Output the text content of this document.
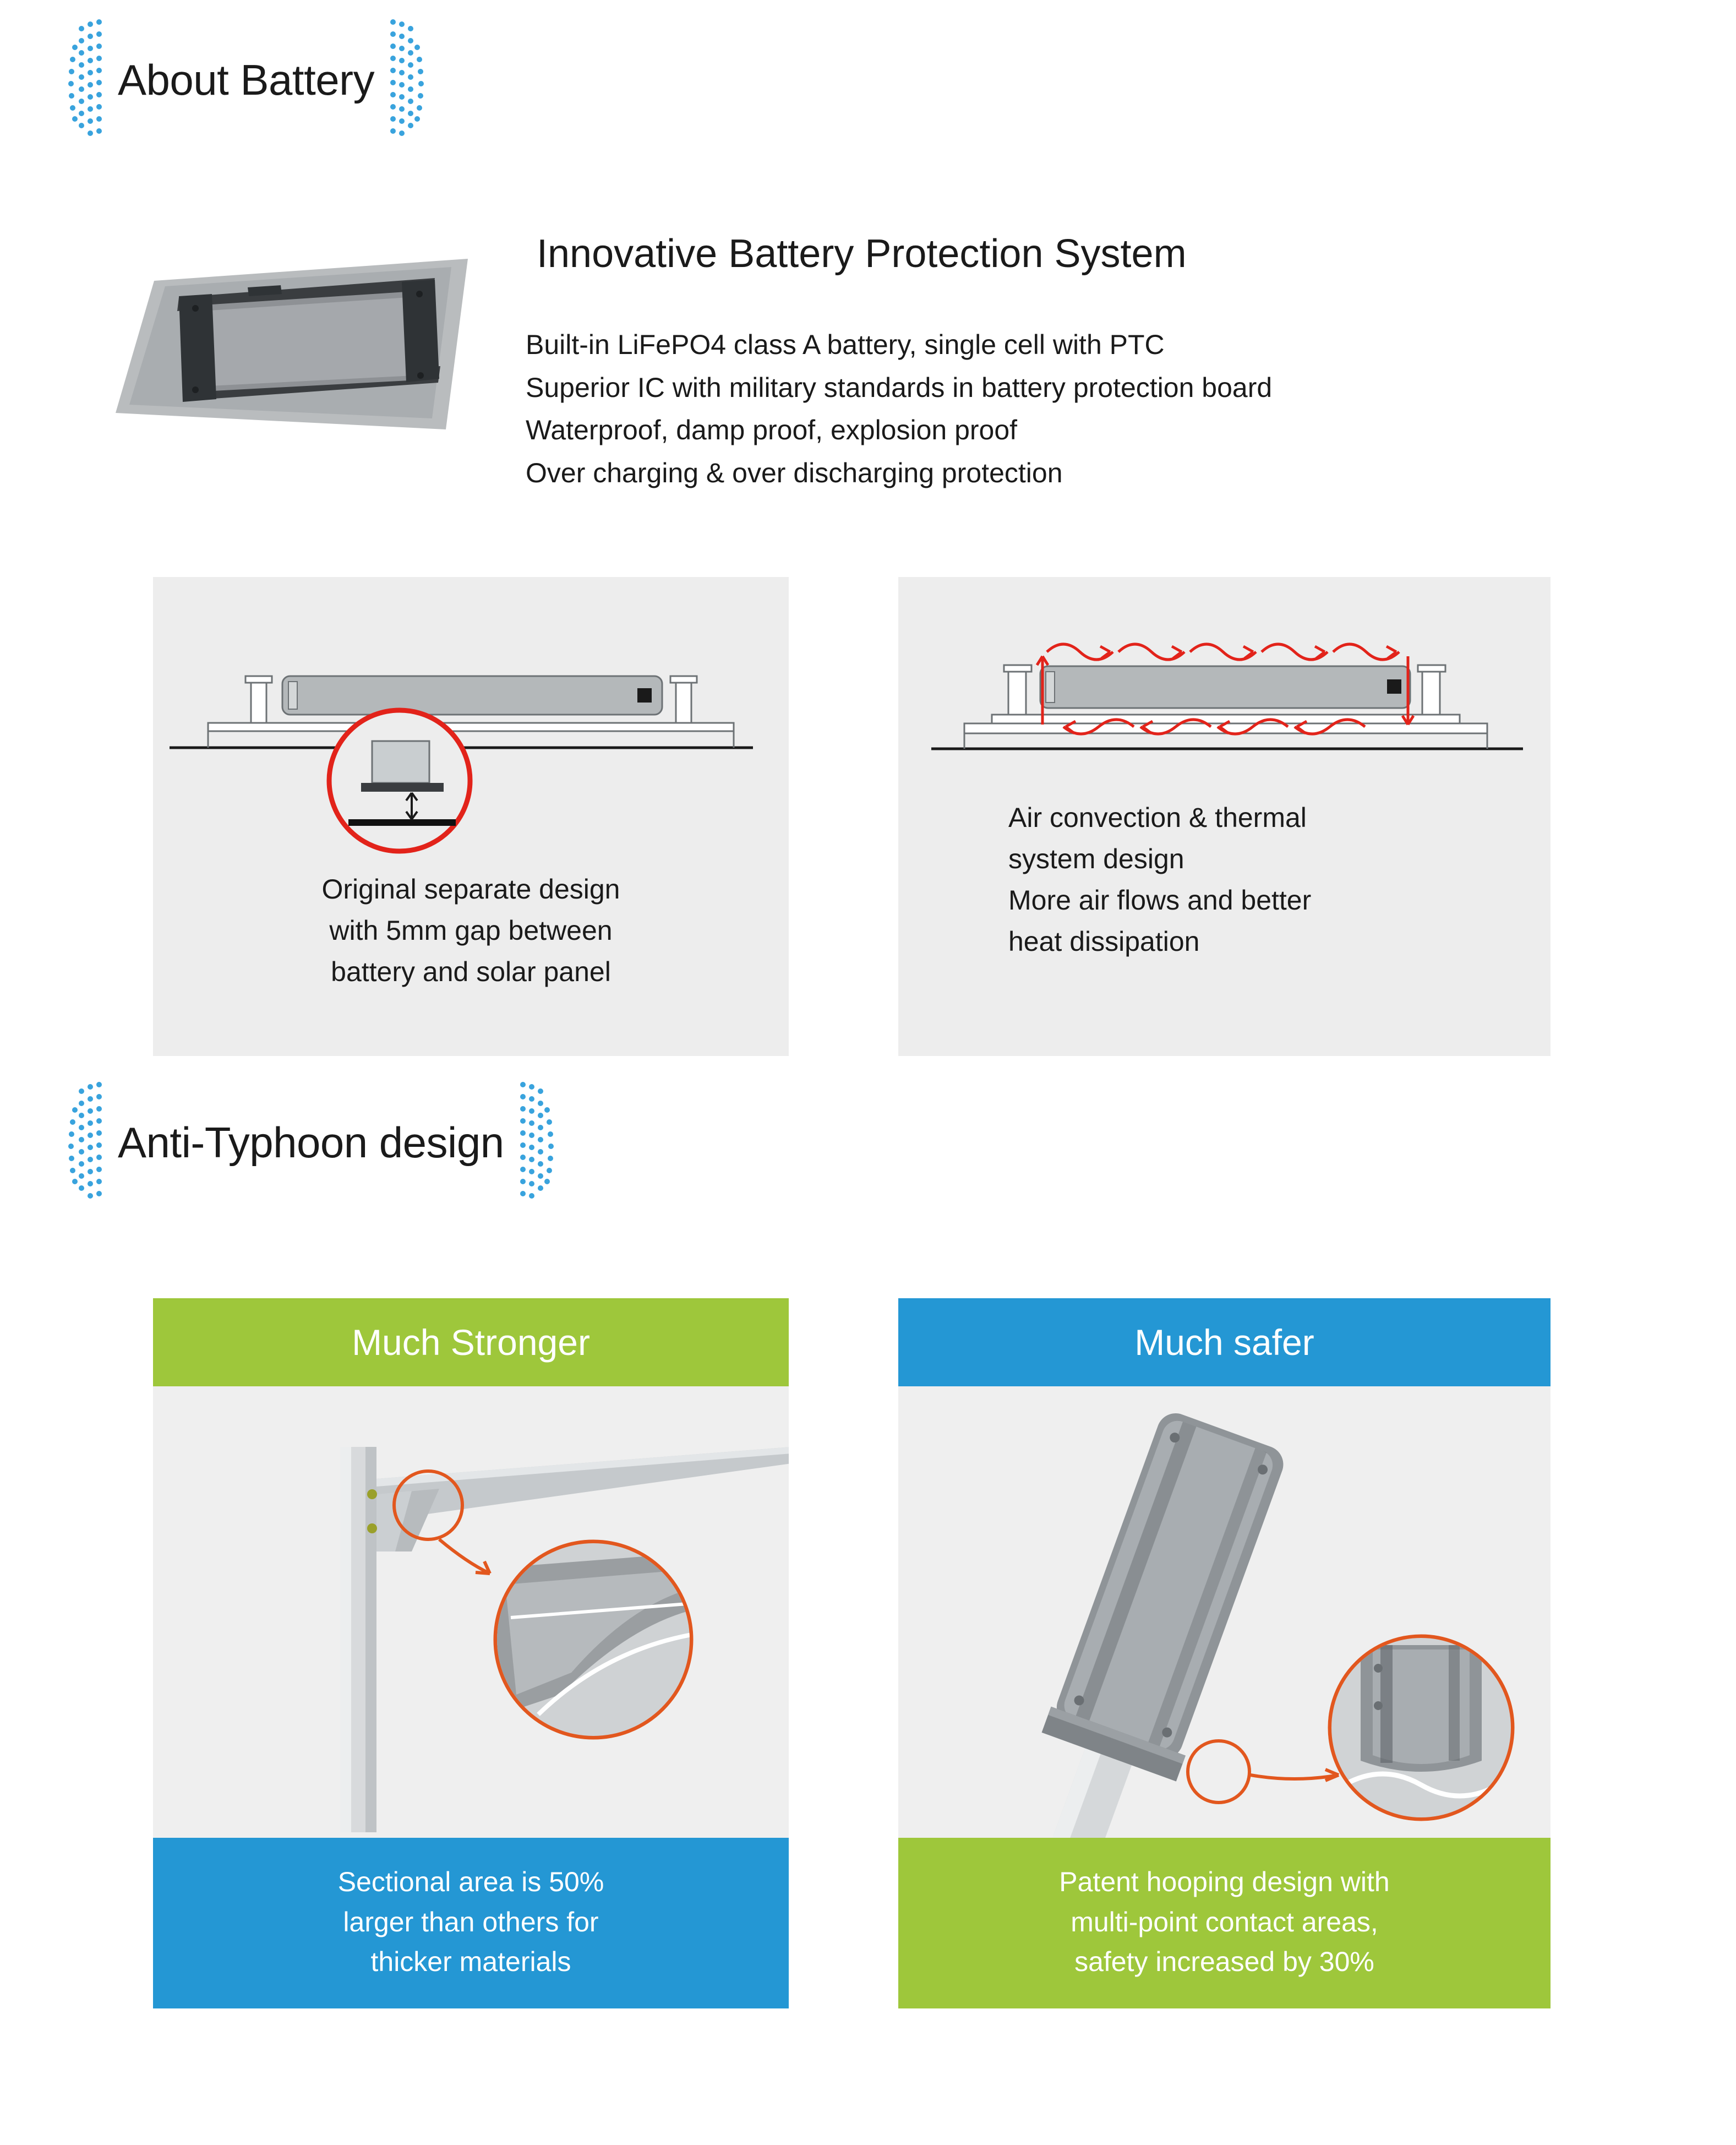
About Battery
Innovative Battery Protection System
Built-in LiFePO4 class A battery, single cell with PTC
Superior IC with military standards in battery protection board
Waterproof, damp proof, explosion proof
Over charging & over discharging protection
Original separate design
with 5mm gap between
battery and solar panel
Air convection & thermal
system design
More air flows and better
heat dissipation
Anti-Typhoon design
Much Stronger
Sectional area is 50%
larger than others for
thicker materials
Much safer
Patent hooping design with
multi-point contact areas,
safety increased by 30%
